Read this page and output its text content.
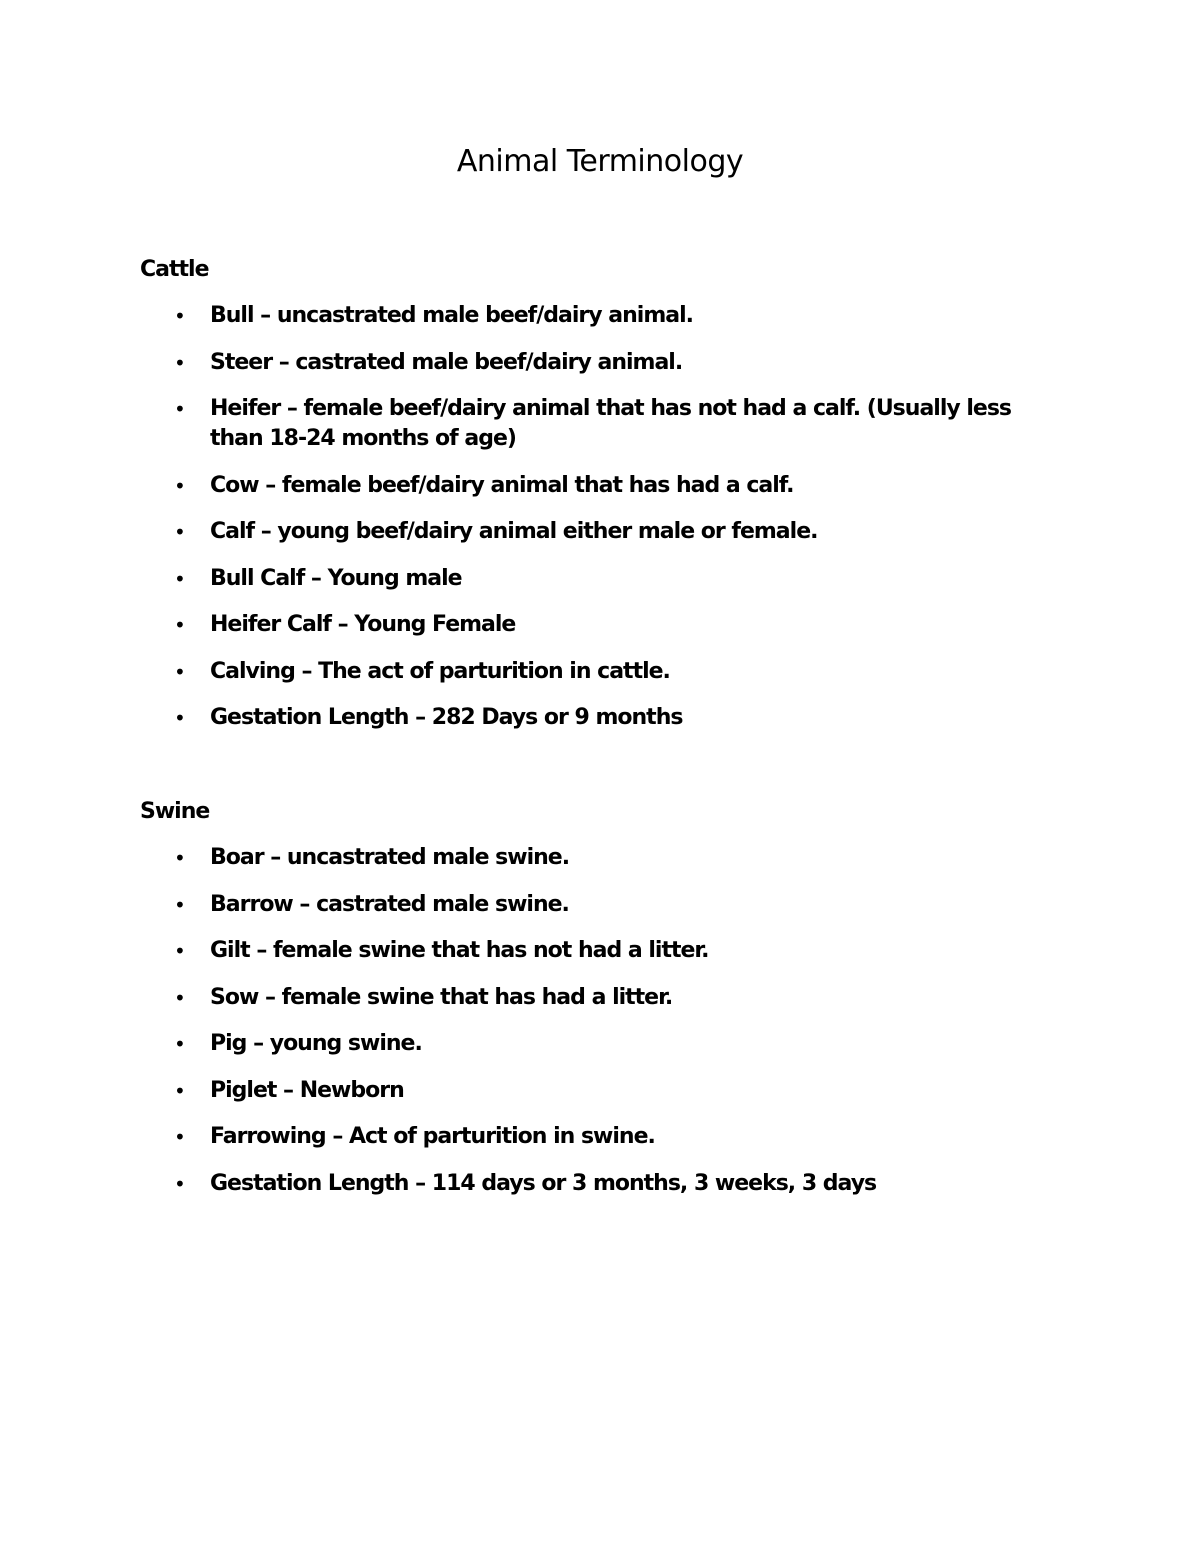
Animal Terminology
Cattle
• Bull – uncastrated male beef/dairy animal.
• Steer – castrated male beef/dairy animal.
• Heifer – female beef/dairy animal that has not had a calf. (Usually less than 18-24 months of age)
• Cow – female beef/dairy animal that has had a calf.
• Calf – young beef/dairy animal either male or female.
• Bull Calf – Young male
• Heifer Calf – Young Female
• Calving – The act of parturition in cattle.
• Gestation Length – 282 Days or 9 months
Swine
• Boar – uncastrated male swine.
• Barrow – castrated male swine.
• Gilt – female swine that has not had a litter.
• Sow – female swine that has had a litter.
• Pig – young swine.
• Piglet – Newborn
• Farrowing – Act of parturition in swine.
• Gestation Length – 114 days or 3 months, 3 weeks, 3 days
